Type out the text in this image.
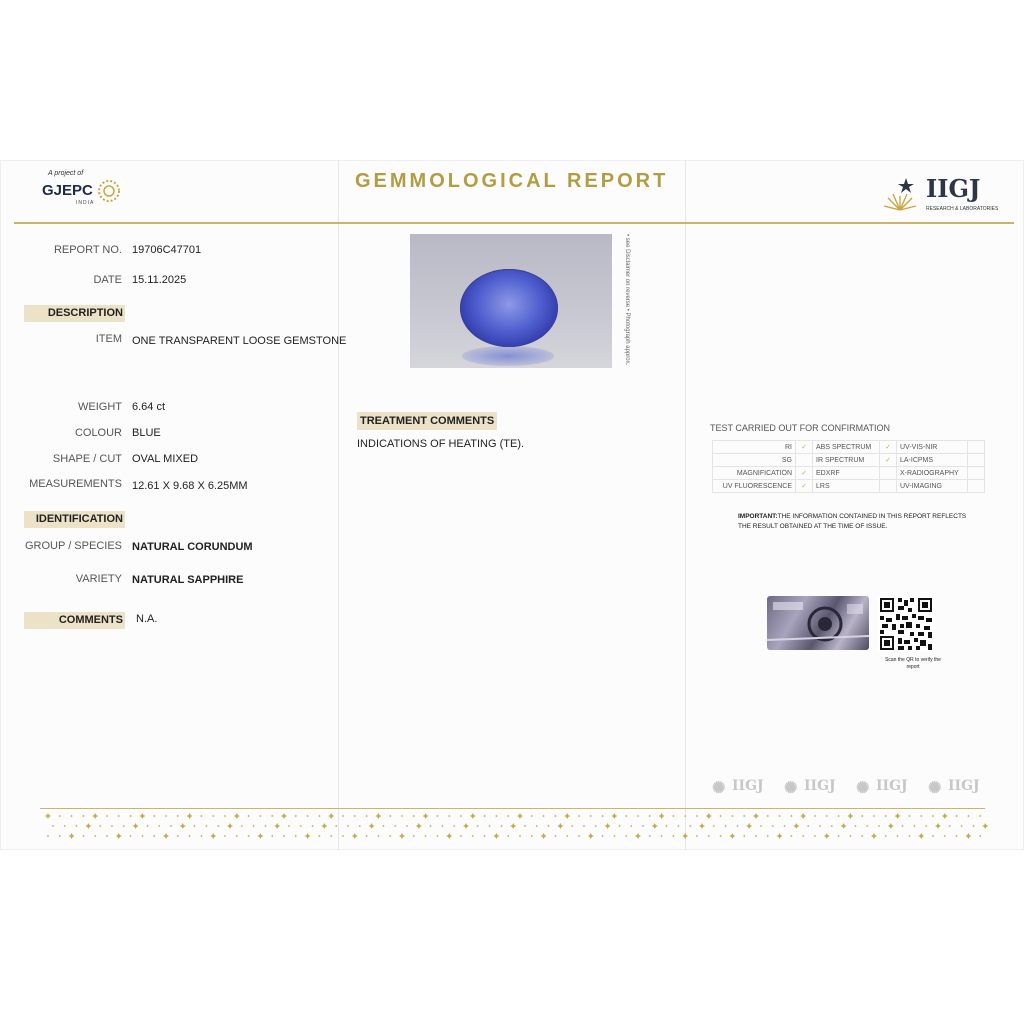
A project of
GJEPC
INDIA
GEMMOLOGICAL REPORT	IIGJ
RESEARCH & LABORATORIES
REPORT NO. 19706C47701
DATE 15.11.2025
DESCRIPTION
ITEM ONE TRANSPARENT LOOSE GEMSTONE
WEIGHT 6.64 ct
COLOUR BLUE
SHAPE / CUT OVAL MIXED
MEASUREMENTS 12.61 X 9.68 X 6.25MM
IDENTIFICATION
GROUP / SPECIES NATURAL CORUNDUM
VARIETY NATURAL SAPPHIRE
COMMENTS N.A.
• see Disclaimer on reverse • Photograph approx.
TREATMENT COMMENTS
INDICATIONS OF HEATING (TE).
TEST CARRIED OUT FOR CONFIRMATION
RI	✓	ABS SPECTRUM	✓	UV-VIS-NIR	
SG		IR SPECTRUM	✓	LA-ICPMS	
MAGNIFICATION	✓	EDXRF		X-RADIOGRAPHY	
UV FLUORESCENCE	✓	LRS		UV-IMAGING	
IMPORTANT:THE INFORMATION CONTAINED IN THIS REPORT REFLECTS THE RESULT OBTAINED AT THE TIME OF ISSUE.
Scan the QR to verify the report
✺ IIGJ ✺ IIGJ ✺ IIGJ ✺ IIGJ
